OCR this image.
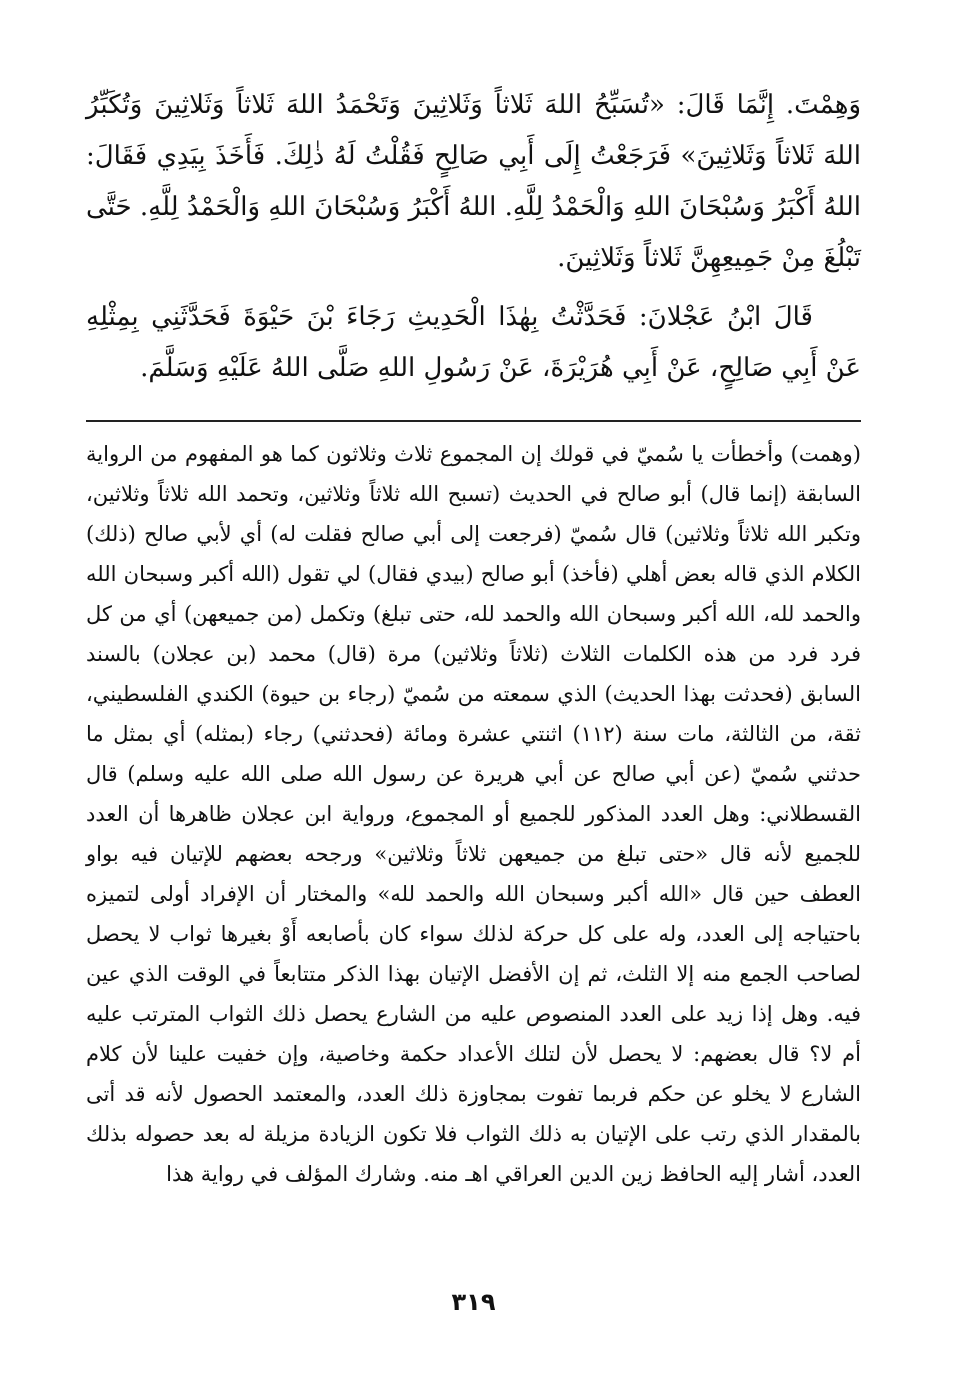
وَهِمْتَ. إِنَّمَا قَالَ: «تُسَبِّحُ اللهَ ثَلاثاً وَثَلاثِينَ وَتَحْمَدُ اللهَ ثَلاثاً وَثَلاثِينَ وَتُكَبِّرُ اللهَ ثَلاثاً وَثَلاثِينَ» فَرَجَعْتُ إِلَى أَبِي صَالِحٍ فَقُلْتُ لَهُ ذٰلِكَ. فَأَخَذَ بِيَدِي فَقَالَ: اللهُ أَكْبَرُ وَسُبْحَانَ اللهِ وَالْحَمْدُ لِلَّهِ. اللهُ أَكْبَرُ وَسُبْحَانَ اللهِ وَالْحَمْدُ لِلَّهِ. حَتَّى تَبْلُغَ مِنْ جَمِيعِهِنَّ ثَلاثاً وَثَلاثِينَ.

قَالَ ابْنُ عَجْلانَ: فَحَدَّثْتُ بِهٰذَا الْحَدِيثِ رَجَاءَ بْنَ حَيْوَةَ فَحَدَّثَنِي بِمِثْلِهِ عَنْ أَبِي صَالِحٍ، عَنْ أَبِي هُرَيْرَةَ، عَنْ رَسُولِ اللهِ صَلَّى اللهُ عَلَيْهِ وَسَلَّمَ.

(وهمت) وأخطأت يا سُميّ في قولك إن المجموع ثلاث وثلاثون كما هو المفهوم من الرواية السابقة (إنما قال) أبو صالح في الحديث (تسبح الله ثلاثاً وثلاثين، وتحمد الله ثلاثاً وثلاثين، وتكبر الله ثلاثاً وثلاثين) قال سُميّ (فرجعت إلى أبي صالح فقلت له) أي لأبي صالح (ذلك) الكلام الذي قاله بعض أهلي (فأخذ) أبو صالح (بيدي فقال) لي تقول (الله أكبر وسبحان الله والحمد لله، الله أكبر وسبحان الله والحمد لله، حتى تبلغ) وتكمل (من جميعهن) أي من كل فرد فرد من هذه الكلمات الثلاث (ثلاثاً وثلاثين) مرة (قال) محمد (بن عجلان) بالسند السابق (فحدثت بهذا الحديث) الذي سمعته من سُميّ (رجاء بن حيوة) الكندي الفلسطيني، ثقة، من الثالثة، مات سنة (١١٢) اثنتي عشرة ومائة (فحدثني) رجاء (بمثله) أي بمثل ما حدثني سُميّ (عن أبي صالح عن أبي هريرة عن رسول الله صلى الله عليه وسلم) قال القسطلاني: وهل العدد المذكور للجميع أو المجموع، ورواية ابن عجلان ظاهرها أن العدد للجميع لأنه قال «حتى تبلغ من جميعهن ثلاثاً وثلاثين» ورجحه بعضهم للإتيان فيه بواو العطف حين قال «الله أكبر وسبحان الله والحمد لله» والمختار أن الإفراد أولى لتميزه باحتياجه إلى العدد، وله على كل حركة لذلك سواء كان بأصابعه أَوْ بغيرها ثواب لا يحصل لصاحب الجمع منه إلا الثلث، ثم إن الأفضل الإتيان بهذا الذكر متتابعاً في الوقت الذي عين فيه. وهل إذا زيد على العدد المنصوص عليه من الشارع يحصل ذلك الثواب المترتب عليه أم لا؟ قال بعضهم: لا يحصل لأن لتلك الأعداد حكمة وخاصية، وإن خفيت علينا لأن كلام الشارع لا يخلو عن حكم فربما تفوت بمجاوزة ذلك العدد، والمعتمد الحصول لأنه قد أتى بالمقدار الذي رتب على الإتيان به ذلك الثواب فلا تكون الزيادة مزيلة له بعد حصوله بذلك العدد، أشار إليه الحافظ زين الدين العراقي اهـ منه. وشارك المؤلف في رواية هذا

٣١٩
